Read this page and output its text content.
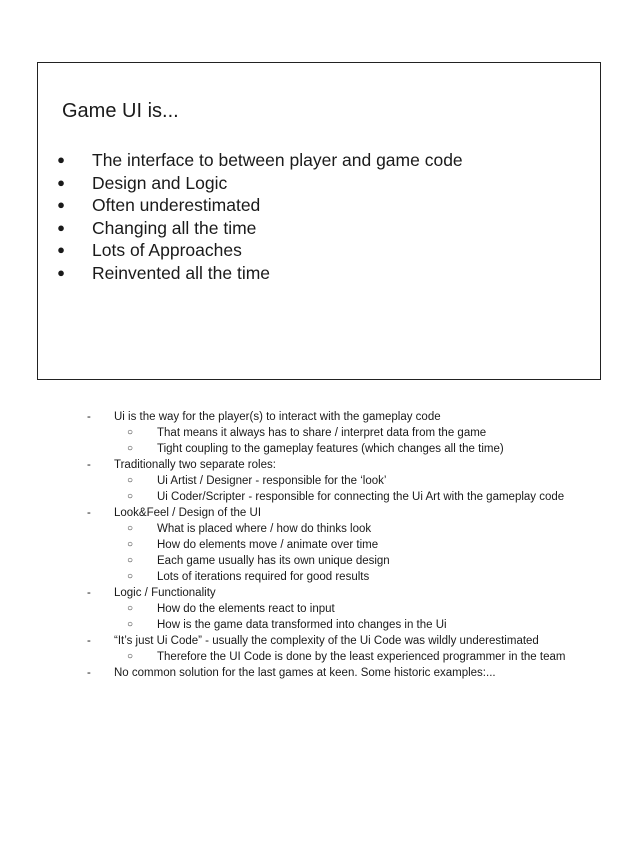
Game UI is...
● The interface to between player and game code
● Design and Logic
● Often underestimated
● Changing all the time
● Lots of Approaches
● Reinvented all the time
- Ui is the way for the player(s) to interact with the gameplay code
○ That means it always has to share / interpret data from the game
○ Tight coupling to the gameplay features (which changes all the time)
- Traditionally two separate roles:
○ Ui Artist / Designer - responsible for the ‘look’
○ Ui Coder/Scripter - responsible for connecting the Ui Art with the gameplay code
- Look&Feel / Design of the UI
○ What is placed where / how do thinks look
○ How do elements move / animate over time
○ Each game usually has its own unique design
○ Lots of iterations required for good results
- Logic / Functionality
○ How do the elements react to input
○ How is the game data transformed into changes in the Ui
- “It’s just Ui Code” - usually the complexity of the Ui Code was wildly underestimated
○ Therefore the UI Code is done by the least experienced programmer in the team
- No common solution for the last games at keen. Some historic examples:...
